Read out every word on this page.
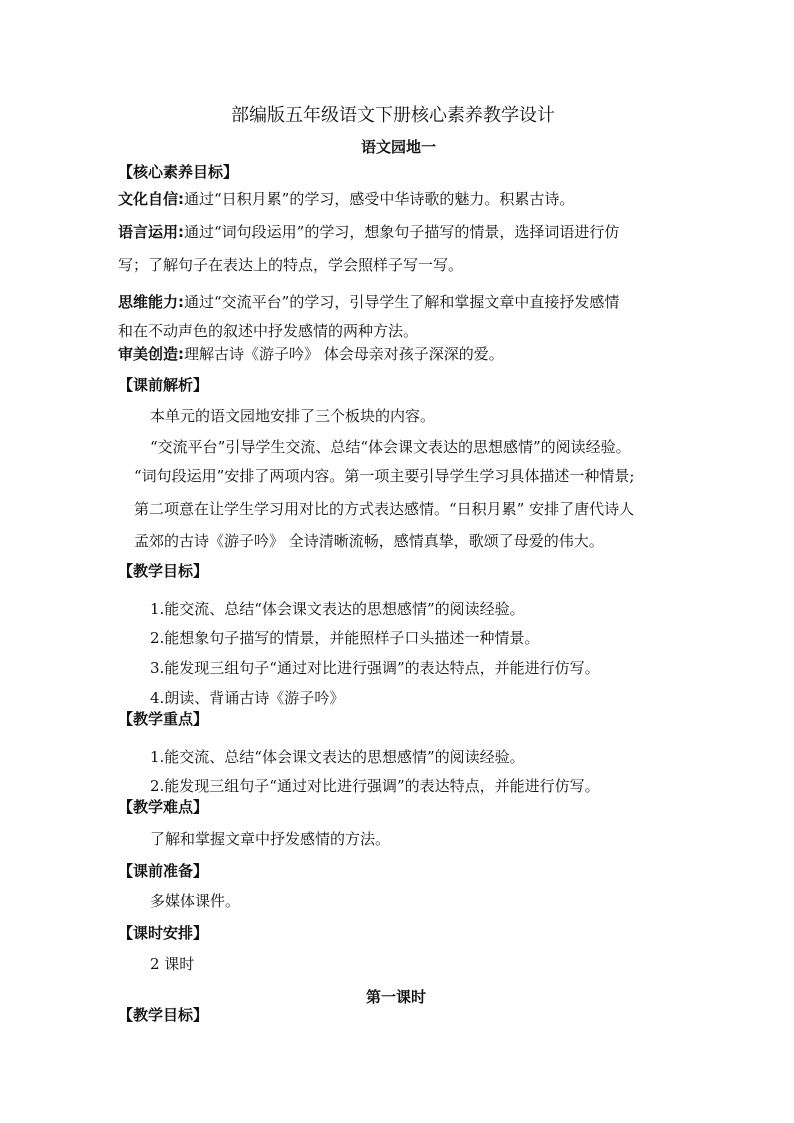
部编版五年级语文下册核心素养教学设计
语文园地一
【核心素养目标】
文化自信:通过“日积月累”的学习，感受中华诗歌的魅力。积累古诗。
语言运用:通过“词句段运用”的学习，想象句子描写的情景，选择词语进行仿
写；了解句子在表达上的特点，学会照样子写一写。
思维能力:通过“交流平台”的学习，引导学生了解和掌握文章中直接抒发感情
和在不动声色的叙述中抒发感情的两种方法。
审美创造:理解古诗《游子吟》 体会母亲对孩子深深的爱。
【课前解析】
本单元的语文园地安排了三个板块的内容。
“交流平台”引导学生交流、总结“体会课文表达的思想感情”的阅读经验。
“词句段运用”安排了两项内容。第一项主要引导学生学习具体描述一种情景;
第二项意在让学生学习用对比的方式表达感情。“日积月累” 安排了唐代诗人
孟郊的古诗《游子吟》 全诗清晰流畅，感情真挚，歌颂了母爱的伟大。
【教学目标】
1.能交流、总结“体会课文表达的思想感情”的阅读经验。
2.能想象句子描写的情景，并能照样子口头描述一种情景。
3.能发现三组句子“通过对比进行强调”的表达特点，并能进行仿写。
4.朗读、背诵古诗《游子吟》
【教学重点】
1.能交流、总结“体会课文表达的思想感情”的阅读经验。
2.能发现三组句子“通过对比进行强调”的表达特点，并能进行仿写。
【教学难点】
了解和掌握文章中抒发感情的方法。
【课前准备】
多媒体课件。
【课时安排】
2 课时
第一课时
【教学目标】
